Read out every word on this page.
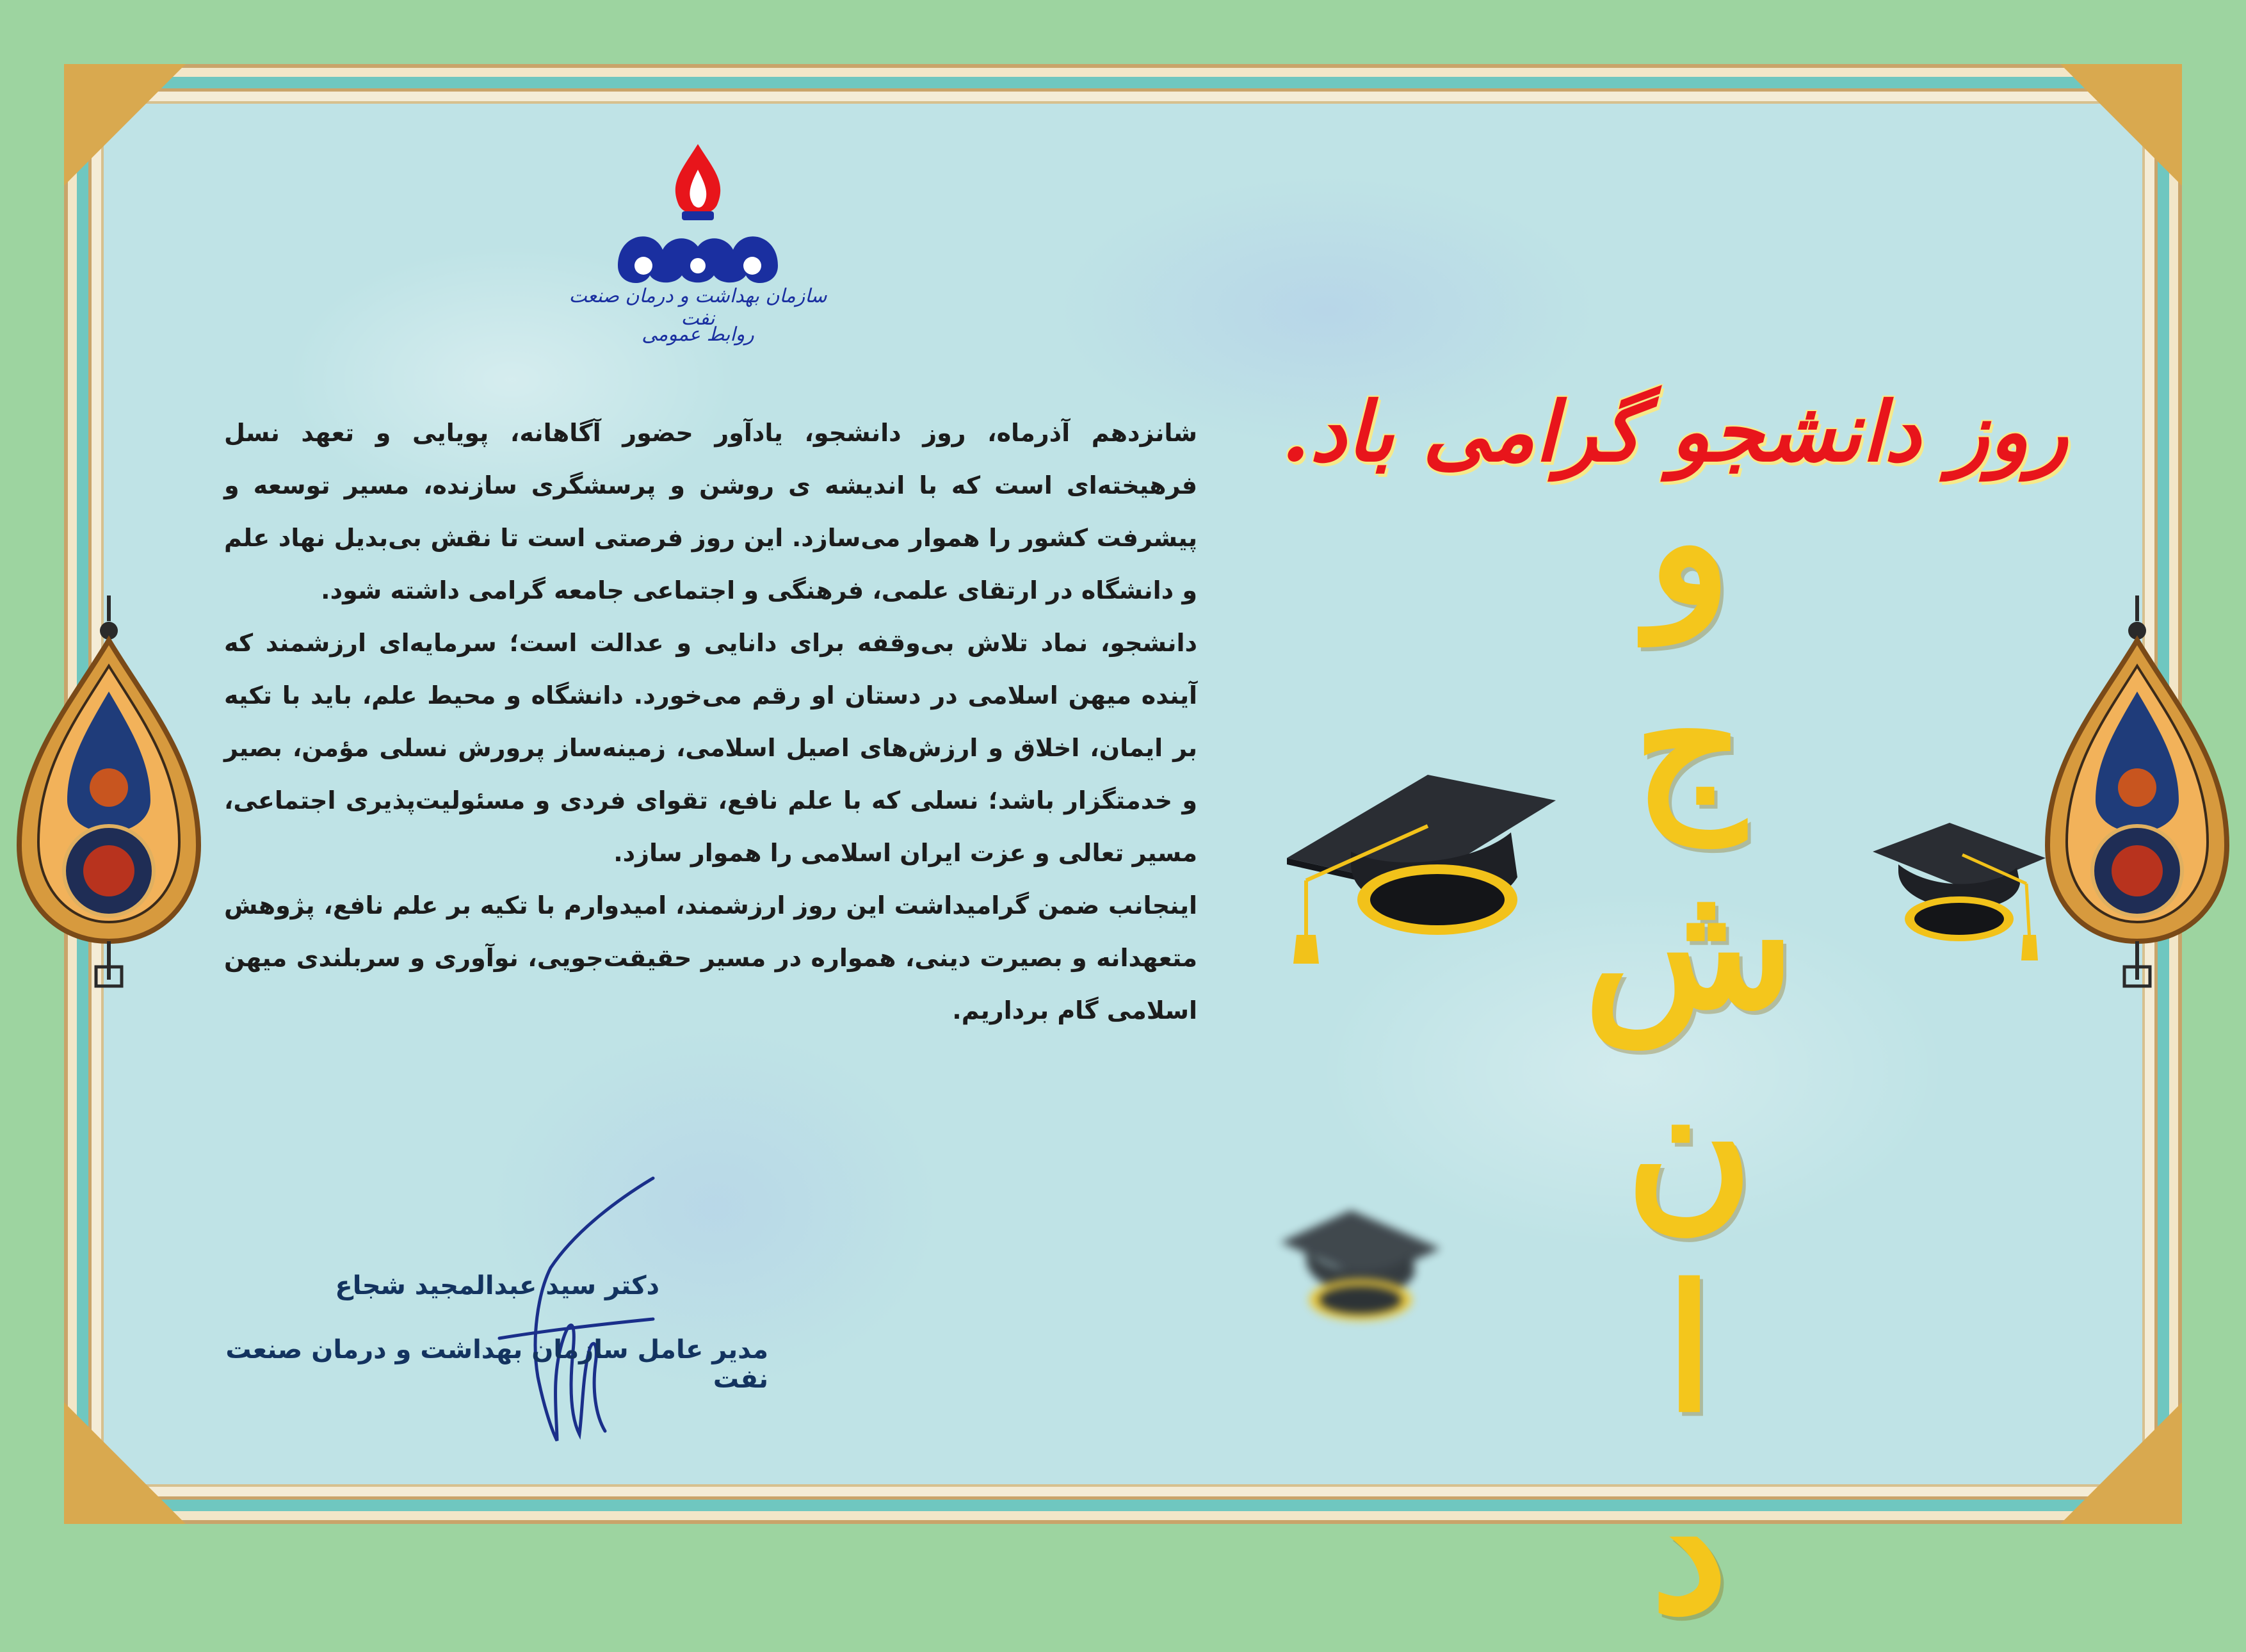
سازمان بهداشت و درمان صنعت نفت
روابط عمومی

شانزدهم آذرماه، روز دانشجو، یادآور حضور آگاهانه، پویایی و تعهد نسل فرهیخته‌ای است که با اندیشه ی روشن و پرسشگری سازنده، مسیر توسعه و پیشرفت کشور را هموار می‌سازد. این روز فرصتی است تا نقش بی‌بدیل نهاد علم و دانشگاه در ارتقای علمی، فرهنگی و اجتماعی جامعه گرامی داشته شود.

دانشجو، نماد تلاش بی‌وقفه برای دانایی و عدالت است؛ سرمایه‌ای ارزشمند که آینده میهن اسلامی در دستان او رقم می‌خورد. دانشگاه و محیط علم، باید با تکیه بر ایمان، اخلاق و ارزش‌های اصیل اسلامی، زمینه‌ساز پرورش نسلی مؤمن، بصیر و خدمتگزار باشد؛ نسلی که با علم نافع، تقوای فردی و مسئولیت‌پذیری اجتماعی، مسیر تعالی و عزت ایران اسلامی را هموار سازد.

اینجانب ضمن گرامیداشت این روز ارزشمند، امیدوارم با تکیه بر علم نافع، پژوهش متعهدانه و بصیرت دینی، همواره در مسیر حقیقت‌جویی، نوآوری و سربلندی میهن اسلامی گام برداریم.

دکتر سید عبدالمجید شجاع
مدیر عامل سازمان بهداشت و درمان صنعت نفت
روز دانشجو گرامی باد.
دانشجو
